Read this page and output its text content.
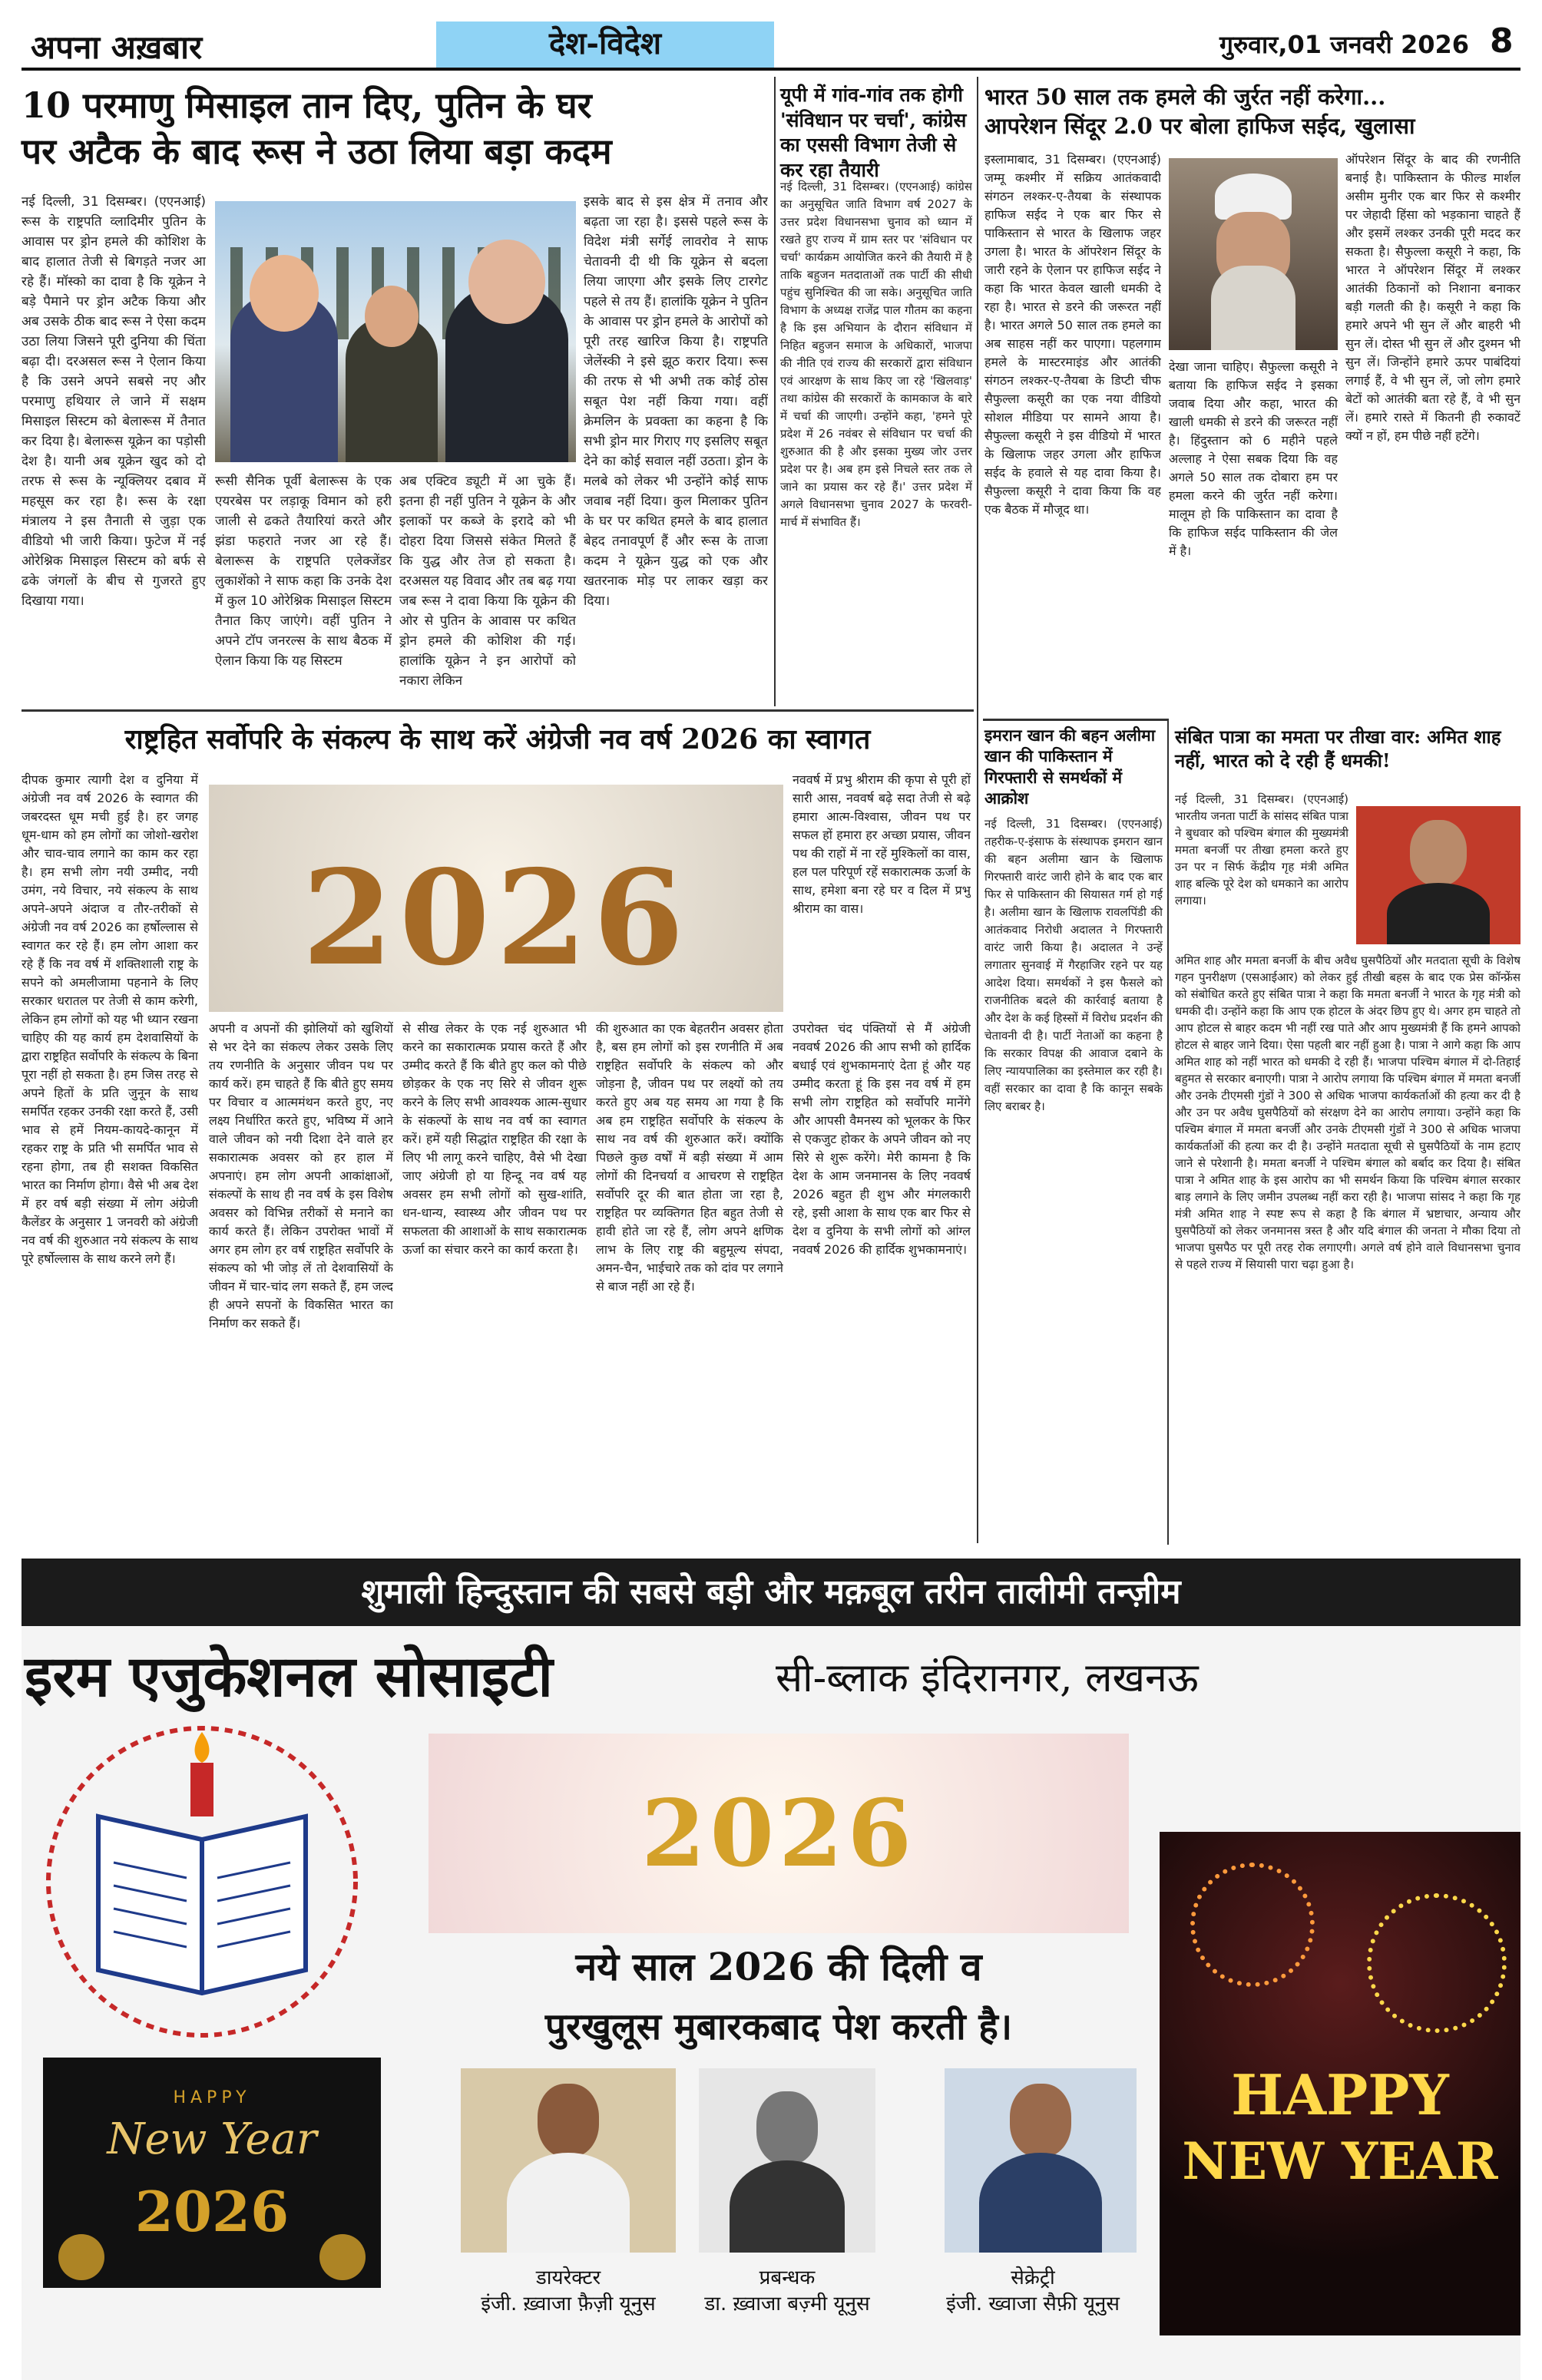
अपना अख़बार	देश-विदेश	गुरुवार,01 जनवरी 2026 8
10 परमाणु मिसाइल तान दिए, पुतिन के घर
पर अटैक के बाद रूस ने उठा लिया बड़ा कदम
नई दिल्ली, 31 दिसम्बर। (एएनआई) रूस के राष्ट्रपति व्लादिमीर पुतिन के आवास पर ड्रोन हमले की कोशिश के बाद हालात तेजी से बिगड़ते नजर आ रहे हैं। मॉस्को का दावा है कि यूक्रेन ने बड़े पैमाने पर ड्रोन अटैक किया और अब उसके ठीक बाद रूस ने ऐसा कदम उठा लिया जिसने पूरी दुनिया की चिंता बढ़ा दी। दरअसल रूस ने ऐलान किया है कि उसने अपने सबसे नए और परमाणु हथियार ले जाने में सक्षम मिसाइल सिस्टम को बेलारूस में तैनात कर दिया है। बेलारूस यूक्रेन का पड़ोसी देश है। यानी अब यूक्रेन खुद को दो तरफ से रूस के न्यूक्लियर दबाव में महसूस कर रहा है। रूस के रक्षा मंत्रालय ने इस तैनाती से जुड़ा एक वीडियो भी जारी किया। फुटेज में नई ओरेश्निक मिसाइल सिस्टम को बर्फ से ढके जंगलों के बीच से गुजरते हुए दिखाया गया।
रूसी सैनिक पूर्वी बेलारूस के एक एयरबेस पर लड़ाकू विमान को हरी जाली से ढकते तैयारियां करते और झंडा फहराते नजर आ रहे हैं। बेलारूस के राष्ट्रपति एलेक्जेंडर लुकाशेंको ने साफ कहा कि उनके देश में कुल 10 ओरेश्निक मिसाइल सिस्टम तैनात किए जाएंगे। वहीं पुतिन ने अपने टॉप जनरल्स के साथ बैठक में ऐलान किया कि यह सिस्टम
अब एक्टिव ड्यूटी में आ चुके हैं। इतना ही नहीं पुतिन ने यूक्रेन के और इलाकों पर कब्जे के इरादे को भी दोहरा दिया जिससे संकेत मिलते हैं कि युद्ध और तेज हो सकता है। दरअसल यह विवाद और तब बढ़ गया जब रूस ने दावा किया कि यूक्रेन की ओर से पुतिन के आवास पर कथित ड्रोन हमले की कोशिश की गई। हालांकि यूक्रेन ने इन आरोपों को नकारा लेकिन
इसके बाद से इस क्षेत्र में तनाव और बढ़ता जा रहा है। इससे पहले रूस के विदेश मंत्री सर्गेई लावरोव ने साफ चेतावनी दी थी कि यूक्रेन से बदला लिया जाएगा और इसके लिए टारगेट पहले से तय हैं। हालांकि यूक्रेन ने पुतिन के आवास पर ड्रोन हमले के आरोपों को पूरी तरह खारिज किया है। राष्ट्रपति जेलेंस्की ने इसे झूठ करार दिया। रूस की तरफ से भी अभी तक कोई ठोस सबूत पेश नहीं किया गया। वहीं क्रेमलिन के प्रवक्ता का कहना है कि सभी ड्रोन मार गिराए गए इसलिए सबूत देने का कोई सवाल नहीं उठता। ड्रोन के मलबे को लेकर भी उन्होंने कोई साफ जवाब नहीं दिया। कुल मिलाकर पुतिन के घर पर कथित हमले के बाद हालात बेहद तनावपूर्ण हैं और रूस के ताजा कदम ने यूक्रेन युद्ध को एक और खतरनाक मोड़ पर लाकर खड़ा कर दिया।
यूपी में गांव-गांव तक होगी 'संविधान पर चर्चा', कांग्रेस का एससी विभाग तेजी से कर रहा तैयारी
नई दिल्ली, 31 दिसम्बर। (एएनआई) कांग्रेस का अनुसूचित जाति विभाग वर्ष 2027 के उत्तर प्रदेश विधानसभा चुनाव को ध्यान में रखते हुए राज्य में ग्राम स्तर पर 'संविधान पर चर्चा' कार्यक्रम आयोजित करने की तैयारी में है ताकि बहुजन मतदाताओं तक पार्टी की सीधी पहुंच सुनिश्चित की जा सके। अनुसूचित जाति विभाग के अध्यक्ष राजेंद्र पाल गौतम का कहना है कि इस अभियान के दौरान संविधान में निहित बहुजन समाज के अधिकारों, भाजपा की नीति एवं राज्य की सरकारों द्वारा संविधान एवं आरक्षण के साथ किए जा रहे 'खिलवाड़' तथा कांग्रेस की सरकारों के कामकाज के बारे में चर्चा की जाएगी। उन्होंने कहा, 'हमने पूरे प्रदेश में 26 नवंबर से संविधान पर चर्चा की शुरुआत की है और इसका मुख्य जोर उत्तर प्रदेश पर है। अब हम इसे निचले स्तर तक ले जाने का प्रयास कर रहे हैं।' उत्तर प्रदेश में अगले विधानसभा चुनाव 2027 के फरवरी-मार्च में संभावित हैं।
भारत 50 साल तक हमले की जुर्रत नहीं करेगा...
आपरेशन सिंदूर 2.0 पर बोला हाफिज सईद, खुलासा
इस्लामाबाद, 31 दिसम्बर। (एएनआई) जम्मू कश्मीर में सक्रिय आतंकवादी संगठन लश्कर-ए-तैयबा के संस्थापक हाफिज सईद ने एक बार फिर से पाकिस्तान से भारत के खिलाफ जहर उगला है। भारत के ऑपरेशन सिंदूर के जारी रहने के ऐलान पर हाफिज सईद ने कहा कि भारत केवल खाली धमकी दे रहा है। भारत से डरने की जरूरत नहीं है। भारत अगले 50 साल तक हमले का अब साहस नहीं कर पाएगा। पहलगाम हमले के मास्टरमाइंड और आतंकी संगठन लश्कर-ए-तैयबा के डिप्टी चीफ सैफुल्ला कसूरी का एक नया वीडियो सोशल मीडिया पर सामने आया है। सैफुल्ला कसूरी ने इस वीडियो में भारत के खिलाफ जहर उगला और हाफिज सईद के हवाले से यह दावा किया है। सैफुल्ला कसूरी ने दावा किया कि वह एक बैठक में मौजूद था।
देखा जाना चाहिए। सैफुल्ला कसूरी ने बताया कि हाफिज सईद ने इसका जवाब दिया और कहा, भारत की खाली धमकी से डरने की जरूरत नहीं है। हिंदुस्तान को 6 महीने पहले अल्लाह ने ऐसा सबक दिया कि वह अगले 50 साल तक दोबारा हम पर हमला करने की जुर्रत नहीं करेगा। मालूम हो कि पाकिस्तान का दावा है कि हाफिज सईद पाकिस्तान की जेल में है।
ऑपरेशन सिंदूर के बाद की रणनीति बनाई है। पाकिस्तान के फील्ड मार्शल असीम मुनीर एक बार फिर से कश्मीर पर जेहादी हिंसा को भड़काना चाहते हैं और इसमें लश्कर उनकी पूरी मदद कर सकता है। सैफुल्ला कसूरी ने कहा, कि भारत ने ऑपरेशन सिंदूर में लश्कर आतंकी ठिकानों को निशाना बनाकर बड़ी गलती की है। कसूरी ने कहा कि हमारे अपने भी सुन लें और बाहरी भी सुन लें। दोस्त भी सुन लें और दुश्मन भी सुन लें। जिन्होंने हमारे ऊपर पाबंदियां लगाई हैं, वे भी सुन लें, जो लोग हमारे बेटों को आतंकी बता रहे हैं, वे भी सुन लें। हमारे रास्ते में कितनी ही रुकावटें क्यों न हों, हम पीछे नहीं हटेंगे।
राष्ट्रहित सर्वोपरि के संकल्प के साथ करें अंग्रेजी नव वर्ष 2026 का स्वागत
दीपक कुमार त्यागी देश व दुनिया में अंग्रेजी नव वर्ष 2026 के स्वागत की जबरदस्त धूम मची हुई है। हर जगह धूम-धाम को हम लोगों का जोशो-खरोश और चाव-चाव लगाने का काम कर रहा है। हम सभी लोग नयी उम्मीद, नयी उमंग, नये विचार, नये संकल्प के साथ अपने-अपने अंदाज व तौर-तरीकों से अंग्रेजी नव वर्ष 2026 का हर्षोल्लास से स्वागत कर रहे हैं। हम लोग आशा कर रहे हैं कि नव वर्ष में शक्तिशाली राष्ट्र के सपने को अमलीजामा पहनाने के लिए सरकार धरातल पर तेजी से काम करेगी, लेकिन हम लोगों को यह भी ध्यान रखना चाहिए की यह कार्य हम देशवासियों के द्वारा राष्ट्रहित सर्वोपरि के संकल्प के बिना पूरा नहीं हो सकता है। हम जिस तरह से अपने हितों के प्रति जुनून के साथ समर्पित रहकर उनकी रक्षा करते हैं, उसी भाव से हमें नियम-कायदे-कानून में रहकर राष्ट्र के प्रति भी समर्पित भाव से रहना होगा, तब ही सशक्त विकसित भारत का निर्माण होगा। वैसे भी अब देश में हर वर्ष बड़ी संख्या में लोग अंग्रेजी कैलेंडर के अनुसार 1 जनवरी को अंग्रेजी नव वर्ष की शुरुआत नये संकल्प के साथ पूरे हर्षोल्लास के साथ करने लगे हैं।
2026
अपनी व अपनों की झोलियों को खुशियों से भर देने का संकल्प लेकर उसके लिए तय रणनीति के अनुसार जीवन पथ पर कार्य करें। हम चाहते हैं कि बीते हुए समय पर विचार व आत्ममंथन करते हुए, नए लक्ष्य निर्धारित करते हुए, भविष्य में आने वाले जीवन को नयी दिशा देने वाले हर सकारात्मक अवसर को हर हाल में अपनाएं। हम लोग अपनी आकांक्षाओं, संकल्पों के साथ ही नव वर्ष के इस विशेष अवसर को विभिन्न तरीकों से मनाने का कार्य करते हैं। लेकिन उपरोक्त भावों में अगर हम लोग हर वर्ष राष्ट्रहित सर्वोपरि के संकल्प को भी जोड़ लें तो देशवासियों के जीवन में चार-चांद लग सकते हैं, हम जल्द ही अपने सपनों के विकसित भारत का निर्माण कर सकते हैं।
से सीख लेकर के एक नई शुरुआत भी करने का सकारात्मक प्रयास करते हैं और उम्मीद करते हैं कि बीते हुए कल को पीछे छोड़कर के एक नए सिरे से जीवन शुरू करने के लिए सभी आवश्यक आत्म-सुधार के संकल्पों के साथ नव वर्ष का स्वागत करें। हमें यही सिद्धांत राष्ट्रहित की रक्षा के लिए भी लागू करने चाहिए, वैसे भी देखा जाए अंग्रेजी हो या हिन्दू नव वर्ष यह अवसर हम सभी लोगों को सुख-शांति, धन-धान्य, स्वास्थ्य और जीवन पथ पर सफलता की आशाओं के साथ सकारात्मक ऊर्जा का संचार करने का कार्य करता है।
की शुरुआत का एक बेहतरीन अवसर होता है, बस हम लोगों को इस रणनीति में अब राष्ट्रहित सर्वोपरि के संकल्प को और जोड़ना है, जीवन पथ पर लक्ष्यों को तय करते हुए अब यह समय आ गया है कि अब हम राष्ट्रहित सर्वोपरि के संकल्प के साथ नव वर्ष की शुरुआत करें। क्योंकि पिछले कुछ वर्षों में बड़ी संख्या में आम लोगों की दिनचर्या व आचरण से राष्ट्रहित सर्वोपरि दूर की बात होता जा रहा है, राष्ट्रहित पर व्यक्तिगत हित बहुत तेजी से हावी होते जा रहे हैं, लोग अपने क्षणिक लाभ के लिए राष्ट्र की बहुमूल्य संपदा, अमन-चैन, भाईचारे तक को दांव पर लगाने से बाज नहीं आ रहे हैं।
नववर्ष में प्रभु श्रीराम की कृपा से पूरी हों सारी आस, नववर्ष बढ़े सदा तेजी से बढ़े हमारा आत्म-विश्वास, जीवन पथ पर सफल हों हमारा हर अच्छा प्रयास, जीवन पथ की राहों में ना रहें मुश्किलों का वास, हल पल परिपूर्ण रहें सकारात्मक ऊर्जा के साथ, हमेशा बना रहे घर व दिल में प्रभु श्रीराम का वास।
उपरोक्त चंद पंक्तियों से मैं अंग्रेजी नववर्ष 2026 की आप सभी को हार्दिक बधाई एवं शुभकामनाएं देता हूं और यह उम्मीद करता हूं कि इस नव वर्ष में हम सभी लोग राष्ट्रहित को सर्वोपरि मानेंगे और आपसी वैमनस्य को भूलकर के फिर से एकजुट होकर के अपने जीवन को नए सिरे से शुरू करेंगे। मेरी कामना है कि देश के आम जनमानस के लिए नववर्ष 2026 बहुत ही शुभ और मंगलकारी रहे, इसी आशा के साथ एक बार फिर से देश व दुनिया के सभी लोगों को आंग्ल नववर्ष 2026 की हार्दिक शुभकामनाएं।
इमरान खान की बहन अलीमा खान की पाकिस्तान में गिरफ्तारी से समर्थकों में आक्रोश
नई दिल्ली, 31 दिसम्बर। (एएनआई) तहरीक-ए-इंसाफ के संस्थापक इमरान खान की बहन अलीमा खान के खिलाफ गिरफ्तारी वारंट जारी होने के बाद एक बार फिर से पाकिस्तान की सियासत गर्म हो गई है। अलीमा खान के खिलाफ रावलपिंडी की आतंकवाद निरोधी अदालत ने गिरफ्तारी वारंट जारी किया है। अदालत ने उन्हें लगातार सुनवाई में गैरहाजिर रहने पर यह आदेश दिया। समर्थकों ने इस फैसले को राजनीतिक बदले की कार्रवाई बताया है और देश के कई हिस्सों में विरोध प्रदर्शन की चेतावनी दी है। पार्टी नेताओं का कहना है कि सरकार विपक्ष की आवाज दबाने के लिए न्यायपालिका का इस्तेमाल कर रही है। वहीं सरकार का दावा है कि कानून सबके लिए बराबर है।
संबित पात्रा का ममता पर तीखा वार: अमित शाह नहीं, भारत को दे रही हैं धमकी!
नई दिल्ली, 31 दिसम्बर। (एएनआई) भारतीय जनता पार्टी के सांसद संबित पात्रा ने बुधवार को पश्चिम बंगाल की मुख्यमंत्री ममता बनर्जी पर तीखा हमला करते हुए उन पर न सिर्फ केंद्रीय गृह मंत्री अमित शाह बल्कि पूरे देश को धमकाने का आरोप लगाया।
अमित शाह और ममता बनर्जी के बीच अवैध घुसपैठियों और मतदाता सूची के विशेष गहन पुनरीक्षण (एसआईआर) को लेकर हुई तीखी बहस के बाद एक प्रेस कॉन्फ्रेंस को संबोधित करते हुए संबित पात्रा ने कहा कि ममता बनर्जी ने भारत के गृह मंत्री को धमकी दी। उन्होंने कहा कि आप एक होटल के अंदर छिप हुए थे। अगर हम चाहते तो आप होटल से बाहर कदम भी नहीं रख पाते और आप मुख्यमंत्री हैं कि हमने आपको होटल से बाहर जाने दिया। ऐसा पहली बार नहीं हुआ है। पात्रा ने आगे कहा कि आप अमित शाह को नहीं भारत को धमकी दे रही हैं। भाजपा पश्चिम बंगाल में दो-तिहाई बहुमत से सरकार बनाएगी। पात्रा ने आरोप लगाया कि पश्चिम बंगाल में ममता बनर्जी और उनके टीएमसी गुंडों ने 300 से अधिक भाजपा कार्यकर्ताओं की हत्या कर दी है और उन पर अवैध घुसपैठियों को संरक्षण देने का आरोप लगाया। उन्होंने कहा कि पश्चिम बंगाल में ममता बनर्जी और उनके टीएमसी गुंडों ने 300 से अधिक भाजपा कार्यकर्ताओं की हत्या कर दी है। उन्होंने मतदाता सूची से घुसपैठियों के नाम हटाए जाने से परेशानी है। ममता बनर्जी ने पश्चिम बंगाल को बर्बाद कर दिया है। संबित पात्रा ने अमित शाह के इस आरोप का भी समर्थन किया कि पश्चिम बंगाल सरकार बाड़ लगाने के लिए जमीन उपलब्ध नहीं करा रही है। भाजपा सांसद ने कहा कि गृह मंत्री अमित शाह ने स्पष्ट रूप से कहा है कि बंगाल में भ्रष्टाचार, अन्याय और घुसपैठियों को लेकर जनमानस त्रस्त है और यदि बंगाल की जनता ने मौका दिया तो भाजपा घुसपैठ पर पूरी तरह रोक लगाएगी। अगले वर्ष होने वाले विधानसभा चुनाव से पहले राज्य में सियासी पारा चढ़ा हुआ है।
शुमाली हिन्दुस्तान की सबसे बड़ी और मक़बूल तरीन तालीमी तन्ज़ीम
इरम एजुकेशनल सोसाइटी	सी-ब्लाक इंदिरानगर, लखनऊ
2026
नये साल 2026 की दिली व
पुरखुलूस मुबारकबाद पेश करती है।
HAPPY
New Year
2026
HAPPY
NEW YEAR
डायरेक्टर
इंजी. ख़्वाजा फ़ैज़ी यूनुस
प्रबन्धक
डा. ख़्वाजा बज़्मी यूनुस
सेक्रेट्री
इंजी. ख्वाजा सैफ़ी यूनुस
